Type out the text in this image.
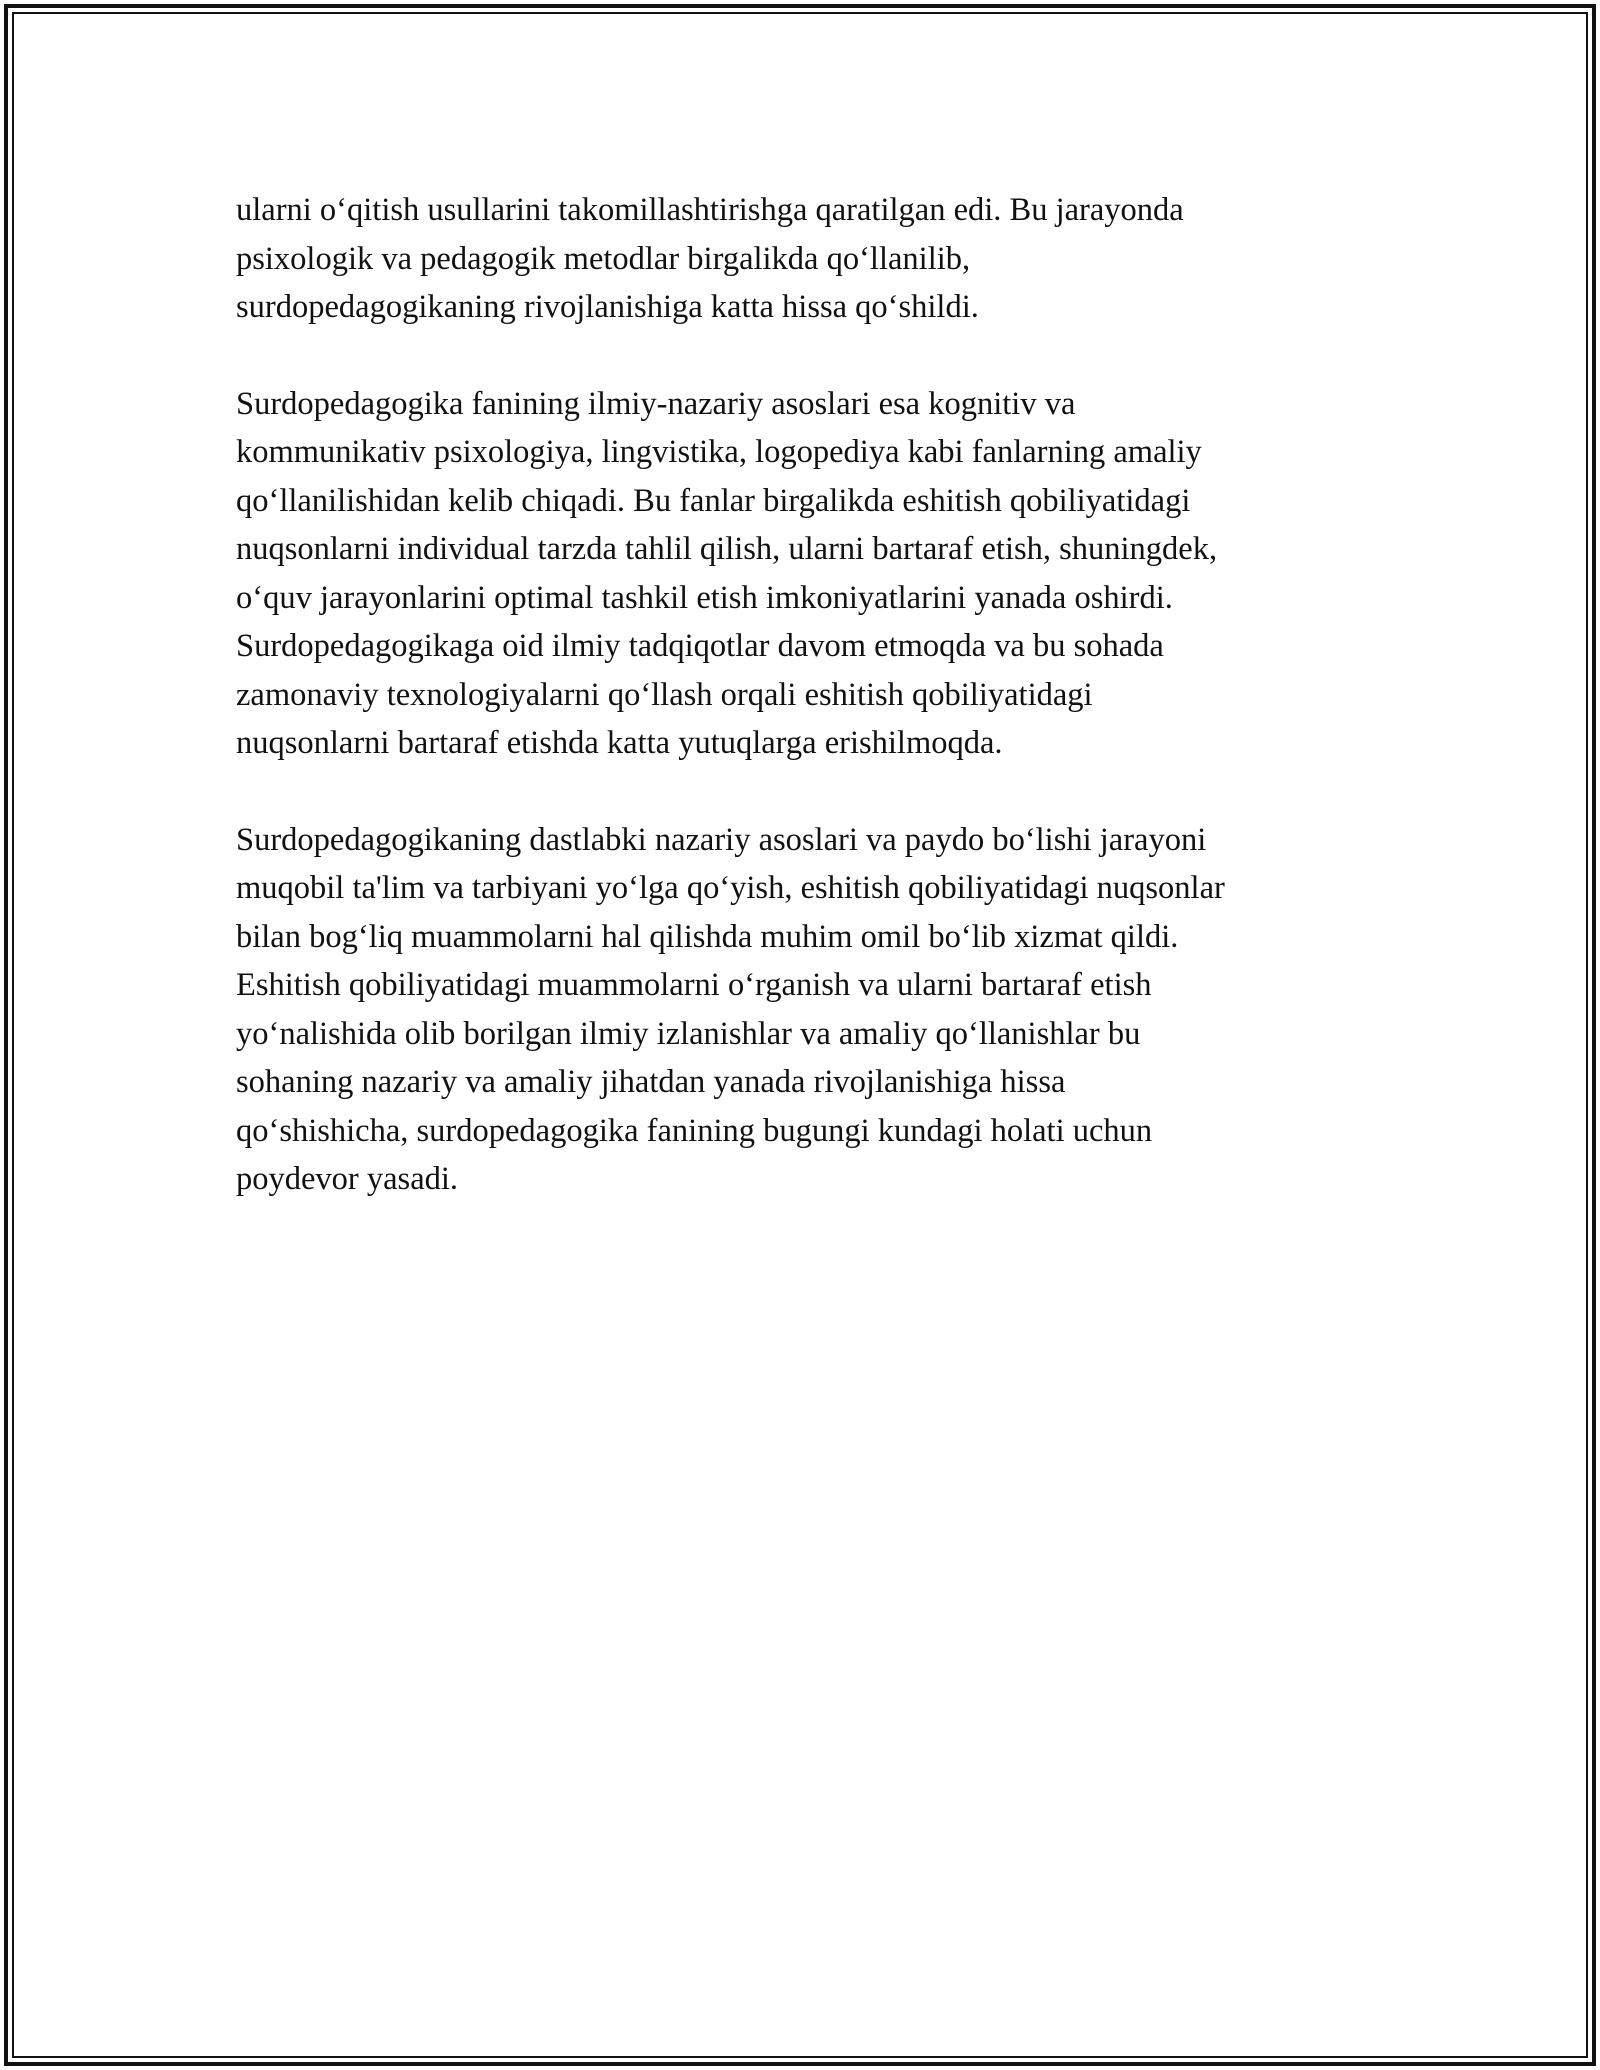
ularni o‘qitish usullarini takomillashtirishga qaratilgan edi. Bu jarayonda
psixologik va pedagogik metodlar birgalikda qo‘llanilib,
surdopedagogikaning rivojlanishiga katta hissa qo‘shildi.

Surdopedagogika fanining ilmiy-nazariy asoslari esa kognitiv va
kommunikativ psixologiya, lingvistika, logopediya kabi fanlarning amaliy
qo‘llanilishidan kelib chiqadi. Bu fanlar birgalikda eshitish qobiliyatidagi
nuqsonlarni individual tarzda tahlil qilish, ularni bartaraf etish, shuningdek,
o‘quv jarayonlarini optimal tashkil etish imkoniyatlarini yanada oshirdi.
Surdopedagogikaga oid ilmiy tadqiqotlar davom etmoqda va bu sohada
zamonaviy texnologiyalarni qo‘llash orqali eshitish qobiliyatidagi
nuqsonlarni bartaraf etishda katta yutuqlarga erishilmoqda.

Surdopedagogikaning dastlabki nazariy asoslari va paydo bo‘lishi jarayoni
muqobil ta'lim va tarbiyani yo‘lga qo‘yish, eshitish qobiliyatidagi nuqsonlar
bilan bog‘liq muammolarni hal qilishda muhim omil bo‘lib xizmat qildi.
Eshitish qobiliyatidagi muammolarni o‘rganish va ularni bartaraf etish
yo‘nalishida olib borilgan ilmiy izlanishlar va amaliy qo‘llanishlar bu
sohaning nazariy va amaliy jihatdan yanada rivojlanishiga hissa
qo‘shishicha, surdopedagogika fanining bugungi kundagi holati uchun
poydevor yasadi.
